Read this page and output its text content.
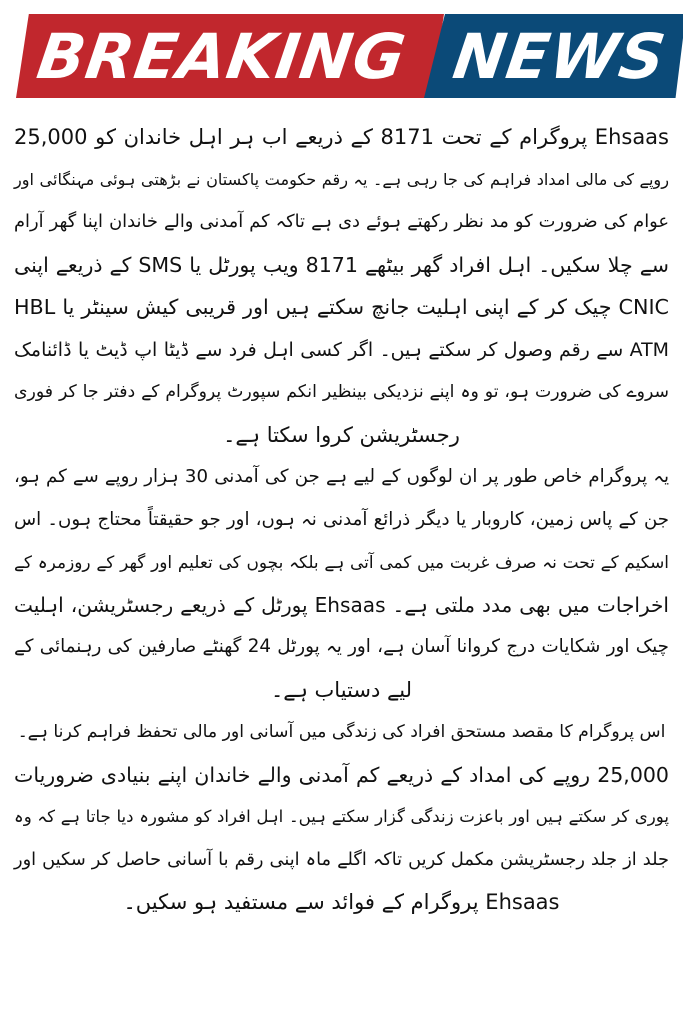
BREAKING NEWS
Ehsaas پروگرام کے تحت 8171 کے ذریعے اب ہر اہل خاندان کو 25,000
روپے کی مالی امداد فراہم کی جا رہی ہے۔ یہ رقم حکومت پاکستان نے بڑھتی ہوئی مہنگائی اور
عوام کی ضرورت کو مد نظر رکھتے ہوئے دی ہے تاکہ کم آمدنی والے خاندان اپنا گھر آرام
سے چلا سکیں۔ اہل افراد گھر بیٹھے 8171 ویب پورٹل یا SMS کے ذریعے اپنی
CNIC چیک کر کے اپنی اہلیت جانچ سکتے ہیں اور قریبی کیش سینٹر یا HBL
ATM سے رقم وصول کر سکتے ہیں۔ اگر کسی اہل فرد سے ڈیٹا اپ ڈیٹ یا ڈائنامک
سروے کی ضرورت ہو، تو وہ اپنے نزدیکی بینظیر انکم سپورٹ پروگرام کے دفتر جا کر فوری
رجسٹریشن کروا سکتا ہے۔
یہ پروگرام خاص طور پر ان لوگوں کے لیے ہے جن کی آمدنی 30 ہزار روپے سے کم ہو،
جن کے پاس زمین، کاروبار یا دیگر ذرائع آمدنی نہ ہوں، اور جو حقیقتاً محتاج ہوں۔ اس
اسکیم کے تحت نہ صرف غربت میں کمی آتی ہے بلکہ بچوں کی تعلیم اور گھر کے روزمرہ کے
اخراجات میں بھی مدد ملتی ہے۔ Ehsaas پورٹل کے ذریعے رجسٹریشن، اہلیت
چیک اور شکایات درج کروانا آسان ہے، اور یہ پورٹل 24 گھنٹے صارفین کی رہنمائی کے
لیے دستیاب ہے۔
اس پروگرام کا مقصد مستحق افراد کی زندگی میں آسانی اور مالی تحفظ فراہم کرنا ہے۔
25,000 روپے کی امداد کے ذریعے کم آمدنی والے خاندان اپنے بنیادی ضروریات
پوری کر سکتے ہیں اور باعزت زندگی گزار سکتے ہیں۔ اہل افراد کو مشورہ دیا جاتا ہے کہ وہ
جلد از جلد رجسٹریشن مکمل کریں تاکہ اگلے ماہ اپنی رقم با آسانی حاصل کر سکیں اور
Ehsaas پروگرام کے فوائد سے مستفید ہو سکیں۔
